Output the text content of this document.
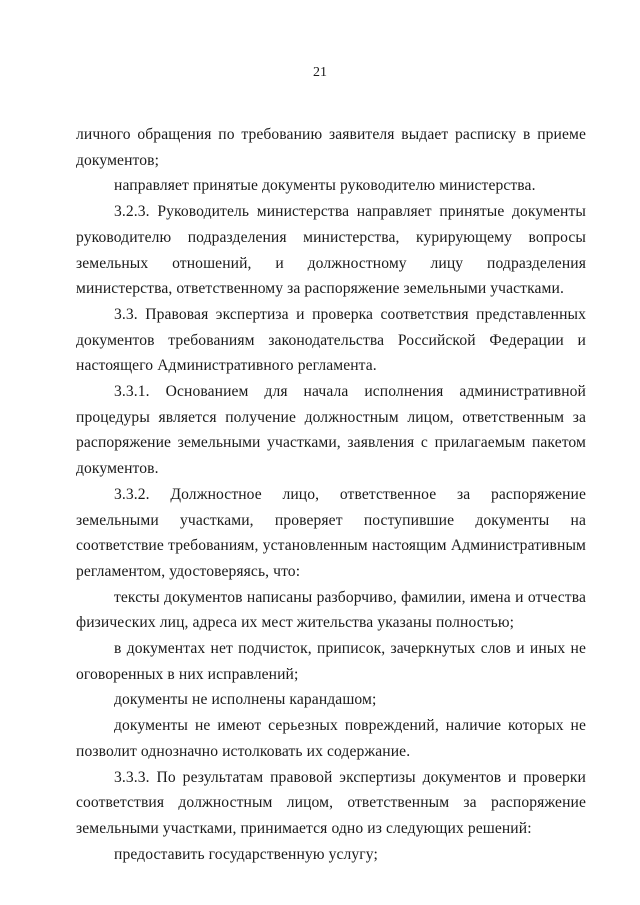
21

личного обращения по требованию заявителя выдает расписку в приеме документов;

направляет принятые документы руководителю министерства.

3.2.3. Руководитель министерства направляет принятые документы руководителю подразделения министерства, курирующему вопросы земельных отношений, и должностному лицу подразделения министерства, ответственному за распоряжение земельными участками.

3.3. Правовая экспертиза и проверка соответствия представленных документов требованиям законодательства Российской Федерации и настоящего Административного регламента.

3.3.1. Основанием для начала исполнения административной процедуры является получение должностным лицом, ответственным за распоряжение земельными участками, заявления с прилагаемым пакетом документов.

3.3.2. Должностное лицо, ответственное за распоряжение земельными участками, проверяет поступившие документы на соответствие требованиям, установленным настоящим Административным регламентом, удостоверяясь, что:

тексты документов написаны разборчиво, фамилии, имена и отчества физических лиц, адреса их мест жительства указаны полностью;

в документах нет подчисток, приписок, зачеркнутых слов и иных не оговоренных в них исправлений;

документы не исполнены карандашом;

документы не имеют серьезных повреждений, наличие которых не позволит однозначно истолковать их содержание.

3.3.3. По результатам правовой экспертизы документов и проверки соответствия должностным лицом, ответственным за распоряжение земельными участками, принимается одно из следующих решений:

предоставить государственную услугу;
